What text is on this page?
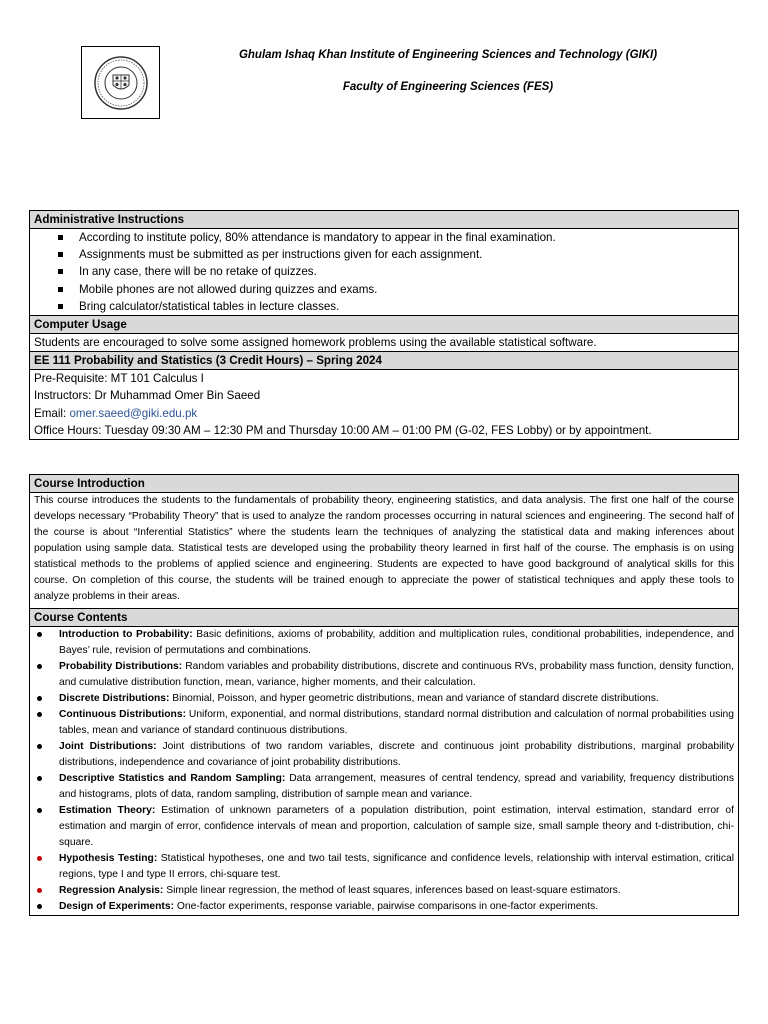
Ghulam Ishaq Khan Institute of Engineering Sciences and Technology (GIKI)
Faculty of Engineering Sciences (FES)
Administrative Instructions
According to institute policy, 80% attendance is mandatory to appear in the final examination.
Assignments must be submitted as per instructions given for each assignment.
In any case, there will be no retake of quizzes.
Mobile phones are not allowed during quizzes and exams.
Bring calculator/statistical tables in lecture classes.
Computer Usage
Students are encouraged to solve some assigned homework problems using the available statistical software.
EE 111 Probability and Statistics (3 Credit Hours) – Spring 2024
Pre-Requisite: MT 101 Calculus I
Instructors: Dr Muhammad Omer Bin Saeed
Email: omer.saeed@giki.edu.pk
Office Hours: Tuesday 09:30 AM – 12:30 PM and Thursday 10:00 AM – 01:00 PM (G-02, FES Lobby) or by appointment.
Course Introduction
This course introduces the students to the fundamentals of probability theory, engineering statistics, and data analysis. The first one half of the course develops necessary “Probability Theory” that is used to analyze the random processes occurring in natural sciences and engineering. The second half of the course is about “Inferential Statistics” where the students learn the techniques of analyzing the statistical data and making inferences about population using sample data. Statistical tests are developed using the probability theory learned in first half of the course. The emphasis is on using statistical methods to the problems of applied science and engineering. Students are expected to have good background of analytical skills for this course. On completion of this course, the students will be trained enough to appreciate the power of statistical techniques and apply these tools to analyze problems in their areas.
Course Contents
Introduction to Probability: Basic definitions, axioms of probability, addition and multiplication rules, conditional probabilities, independence, and Bayes’ rule, revision of permutations and combinations.
Probability Distributions: Random variables and probability distributions, discrete and continuous RVs, probability mass function, density function, and cumulative distribution function, mean, variance, higher moments, and their calculation.
Discrete Distributions: Binomial, Poisson, and hyper geometric distributions, mean and variance of standard discrete distributions.
Continuous Distributions: Uniform, exponential, and normal distributions, standard normal distribution and calculation of normal probabilities using tables, mean and variance of standard continuous distributions.
Joint Distributions: Joint distributions of two random variables, discrete and continuous joint probability distributions, marginal probability distributions, independence and covariance of joint probability distributions.
Descriptive Statistics and Random Sampling: Data arrangement, measures of central tendency, spread and variability, frequency distributions and histograms, plots of data, random sampling, distribution of sample mean and variance.
Estimation Theory: Estimation of unknown parameters of a population distribution, point estimation, interval estimation, standard error of estimation and margin of error, confidence intervals of mean and proportion, calculation of sample size, small sample theory and t-distribution, chi-square.
Hypothesis Testing: Statistical hypotheses, one and two tail tests, significance and confidence levels, relationship with interval estimation, critical regions, type I and type II errors, chi-square test.
Regression Analysis: Simple linear regression, the method of least squares, inferences based on least-square estimators.
Design of Experiments: One-factor experiments, response variable, pairwise comparisons in one-factor experiments.
